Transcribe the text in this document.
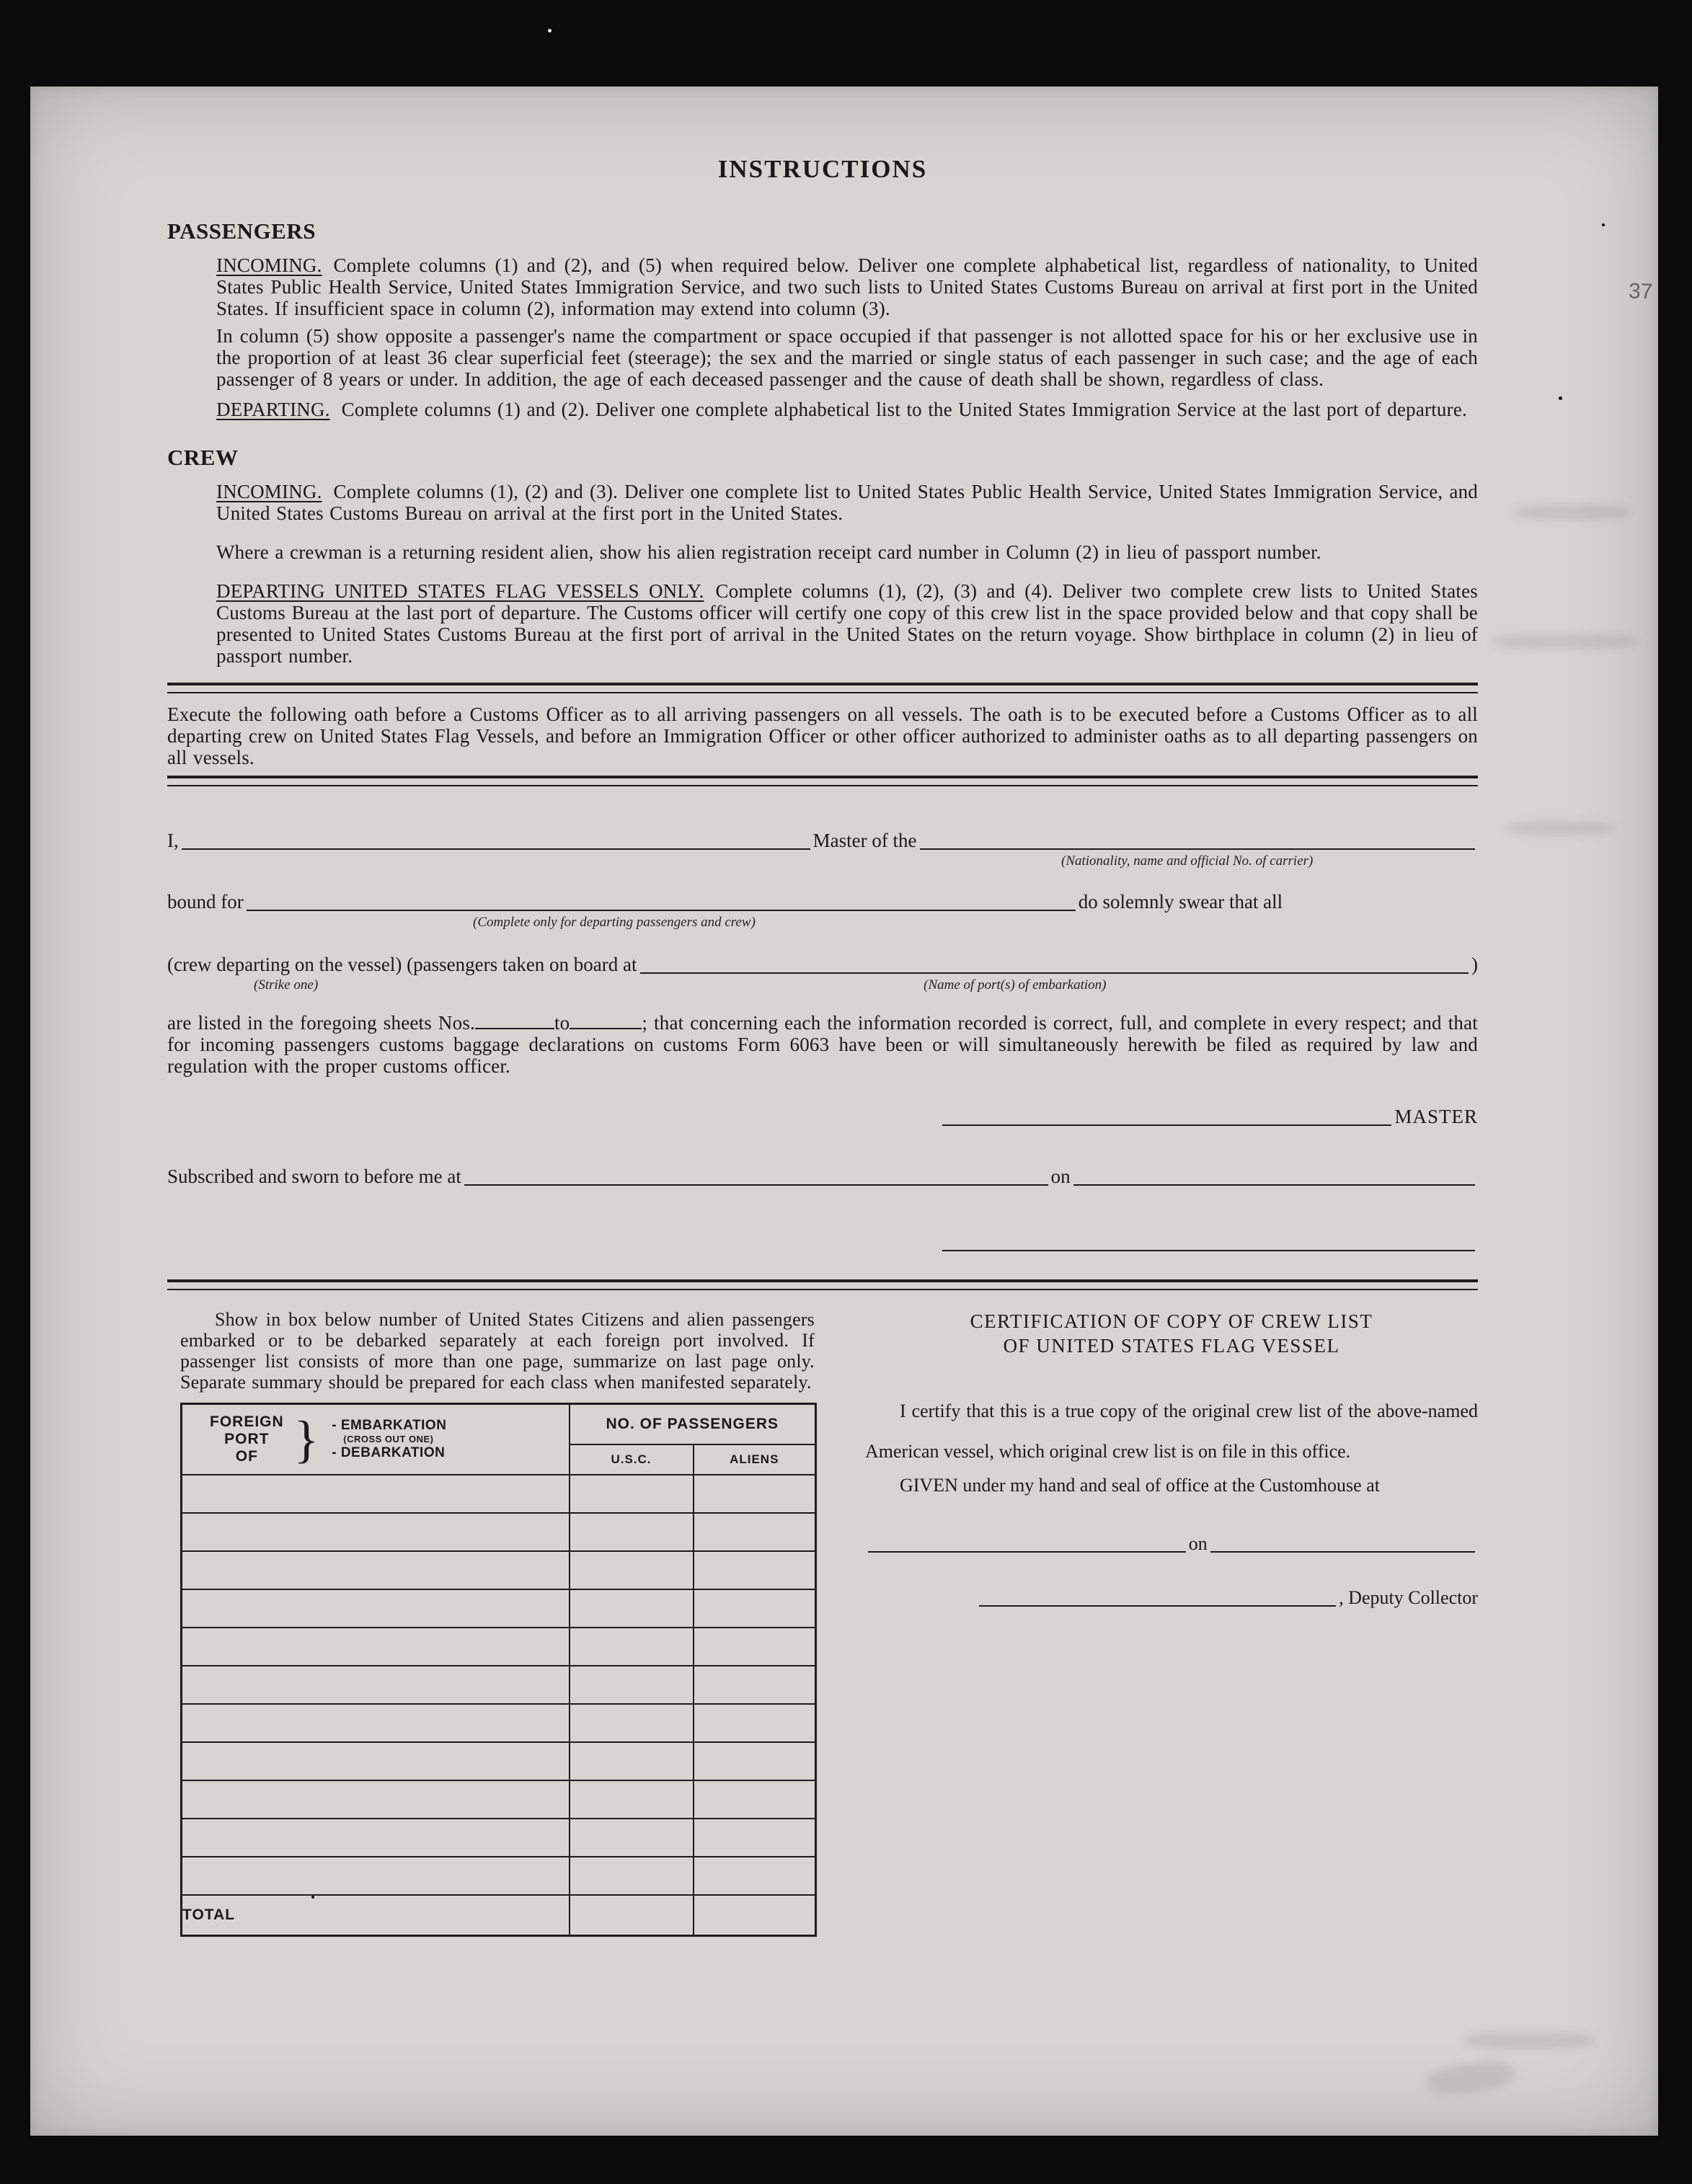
37
INSTRUCTIONS
PASSENGERS

INCOMING. Complete columns (1) and (2), and (5) when required below. Deliver one complete alphabetical list, regardless of nationality, to United States Public Health Service, United States Immigration Service, and two such lists to United States Customs Bureau on arrival at first port in the United States. If insufficient space in column (2), information may extend into column (3).

In column (5) show opposite a passenger's name the compartment or space occupied if that passenger is not allotted space for his or her exclusive use in the proportion of at least 36 clear superficial feet (steerage); the sex and the married or single status of each passenger in such case; and the age of each passenger of 8 years or under. In addition, the age of each deceased passenger and the cause of death shall be shown, regardless of class.

DEPARTING. Complete columns (1) and (2). Deliver one complete alphabetical list to the United States Immigration Service at the last port of departure.

CREW

INCOMING. Complete columns (1), (2) and (3). Deliver one complete list to United States Public Health Service, United States Immigration Service, and United States Customs Bureau on arrival at the first port in the United States.

Where a crewman is a returning resident alien, show his alien registration receipt card number in Column (2) in lieu of passport number.

DEPARTING UNITED STATES FLAG VESSELS ONLY. Complete columns (1), (2), (3) and (4). Deliver two complete crew lists to United States Customs Bureau at the last port of departure. The Customs officer will certify one copy of this crew list in the space provided below and that copy shall be presented to United States Customs Bureau at the first port of arrival in the United States on the return voyage. Show birthplace in column (2) in lieu of passport number.

Execute the following oath before a Customs Officer as to all arriving passengers on all vessels. The oath is to be executed before a Customs Officer as to all departing crew on United States Flag Vessels, and before an Immigration Officer or other officer authorized to administer oaths as to all departing passengers on all vessels.

I,	Master of the
(Nationality, name and official No. of carrier)
bound for	do solemnly swear that all
(Complete only for departing passengers and crew)
(crew departing on the vessel) (passengers taken on board at	)
(Strike one)	(Name of port(s) of embarkation)

are listed in the foregoing sheets Nos.	to	; that concerning each the information recorded is correct, full, and complete in every respect; and that for incoming passengers customs baggage declarations on customs Form 6063 have been or will simultaneously herewith be filed as required by law and regulation with the proper customs officer.

MASTER
Subscribed and sworn to before me at	on

Show in box below number of United States Citizens and alien passengers embarked or to be debarked separately at each foreign port involved. If passenger list consists of more than one page, summarize on last page only. Separate summary should be prepared for each class when manifested separately.

FOREIGN
PORT
OF } - EMBARKATION
(CROSS OUT ONE)
- DEBARKATION
	NO. OF PASSENGERS
	U.S.C.	ALIENS

TOTAL		
CERTIFICATION OF COPY OF CREW LIST
OF UNITED STATES FLAG VESSEL

I certify that this is a true copy of the original crew list of the above-named American vessel, which original crew list is on file in this office.

GIVEN under my hand and seal of office at the Customhouse at

on
, Deputy Collector
